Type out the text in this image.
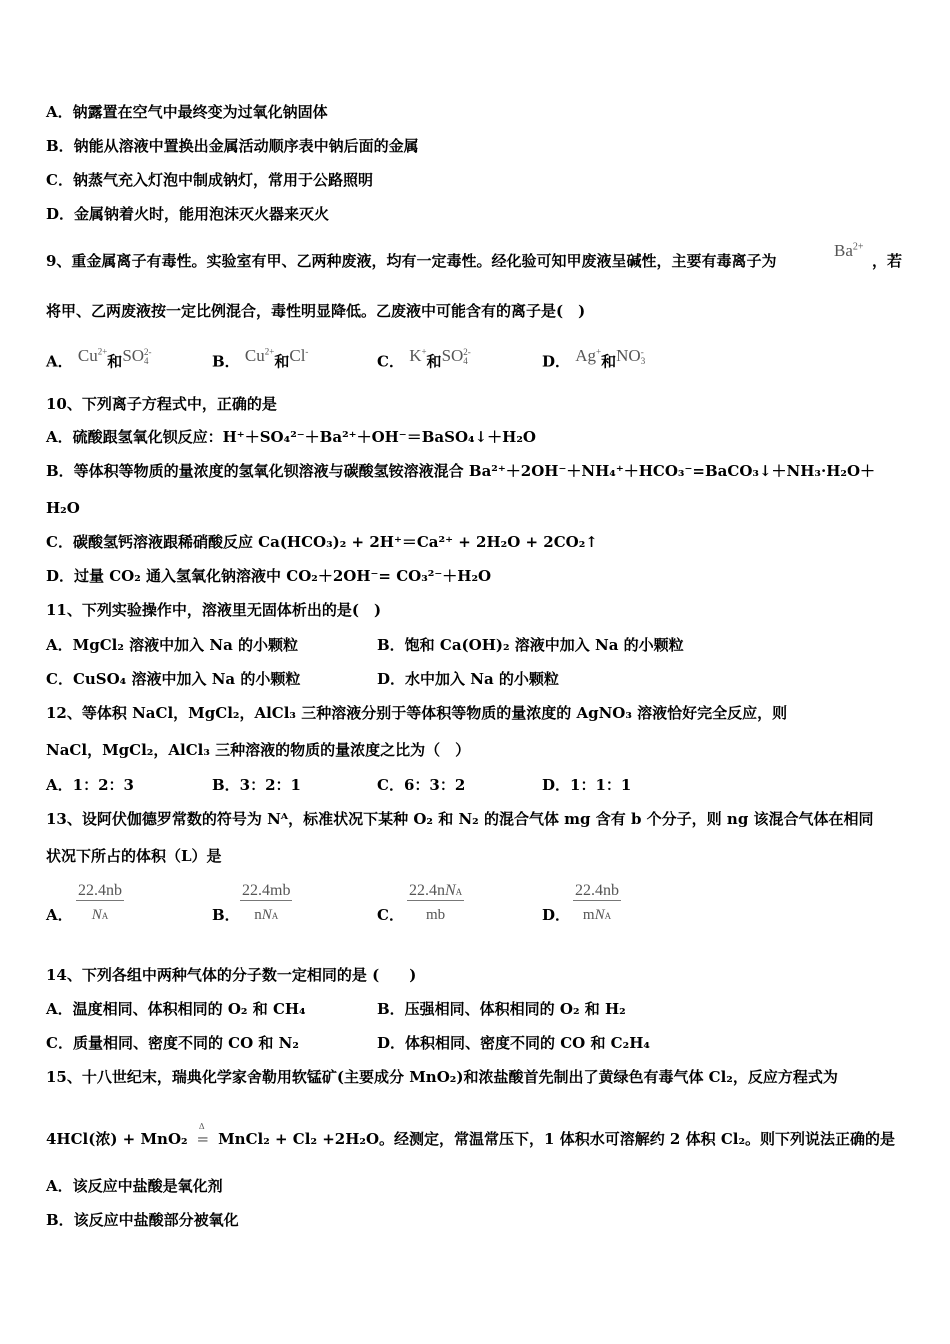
A．钠露置在空气中最终变为过氧化钠固体
B．钠能从溶液中置换出金属活动顺序表中钠后面的金属
C．钠蒸气充入灯泡中制成钠灯，常用于公路照明
D．金属钠着火时，能用泡沫灭火器来灭火
9、重金属离子有毒性。实验室有甲、乙两种废液，均有一定毒性。经化验可知甲废液呈碱性，主要有毒离子为
$Ba^{2+}$
，若
将甲、乙两废液按一定比例混合，毒性明显降低。乙废液中可能含有的离子是(　)
A． $Cu^{2+}$和SO 2-
4	B． $Cu^{2+}$和Cl-
C． K+和SO 2-
4	D． Ag+和NO -
3
10、下列离子方程式中，正确的是
A．硫酸跟氢氧化钡反应：H⁺＋SO₄²⁻＋Ba²⁺＋OH⁻＝BaSO₄↓＋H₂O
B．等体积等物质的量浓度的氢氧化钡溶液与碳酸氢铵溶液混合 Ba²⁺＋2OH⁻＋NH₄⁺＋HCO₃⁻=BaCO₃↓＋NH₃·H₂O＋
H₂O
C．碳酸氢钙溶液跟稀硝酸反应 Ca(HCO₃)₂ + 2H⁺＝Ca²⁺ + 2H₂O + 2CO₂↑
D．过量 CO₂ 通入氢氧化钠溶液中 CO₂＋2OH⁻= CO₃²⁻＋H₂O
11、下列实验操作中，溶液里无固体析出的是(　)
A．MgCl₂ 溶液中加入 Na 的小颗粒	B．饱和 Ca(OH)₂ 溶液中加入 Na 的小颗粒
C．CuSO₄ 溶液中加入 Na 的小颗粒	D．水中加入 Na 的小颗粒
12、等体积 NaCl，MgCl₂，AlCl₃ 三种溶液分别于等体积等物质的量浓度的 AgNO₃ 溶液恰好完全反应，则
NaCl，MgCl₂，AlCl₃ 三种溶液的物质的量浓度之比为（　）
A．1：2：3	B．3：2：1	C．6：3：2	D．1：1：1
13、设阿伏伽德罗常数的符号为 Nᴬ，标准状况下某种 O₂ 和 N₂ 的混合气体 mg 含有 b 个分子，则 ng 该混合气体在相同
状况下所占的体积（L）是
A．
22.4nb
NA	B．
22.4mb
nNA	C．
22.4nNA
mb	D．
22.4nb
mNA
14、下列各组中两种气体的分子数一定相同的是 (　　)
A．温度相同、体积相同的 O₂ 和 CH₄	B．压强相同、体积相同的 O₂ 和 H₂
C．质量相同、密度不同的 CO 和 N₂	D．体积相同、密度不同的 CO 和 C₂H₄
15、十八世纪末，瑞典化学家舍勒用软锰矿(主要成分 MnO₂)和浓盐酸首先制出了黄绿色有毒气体 Cl₂，反应方程式为
4HCl(浓) + MnO₂
Δ
= MnCl₂ + Cl₂ +2H₂O。经测定，常温常压下，1 体积水可溶解约 2 体积 Cl₂。则下列说法正确的是
A．该反应中盐酸是氧化剂
B．该反应中盐酸部分被氧化
